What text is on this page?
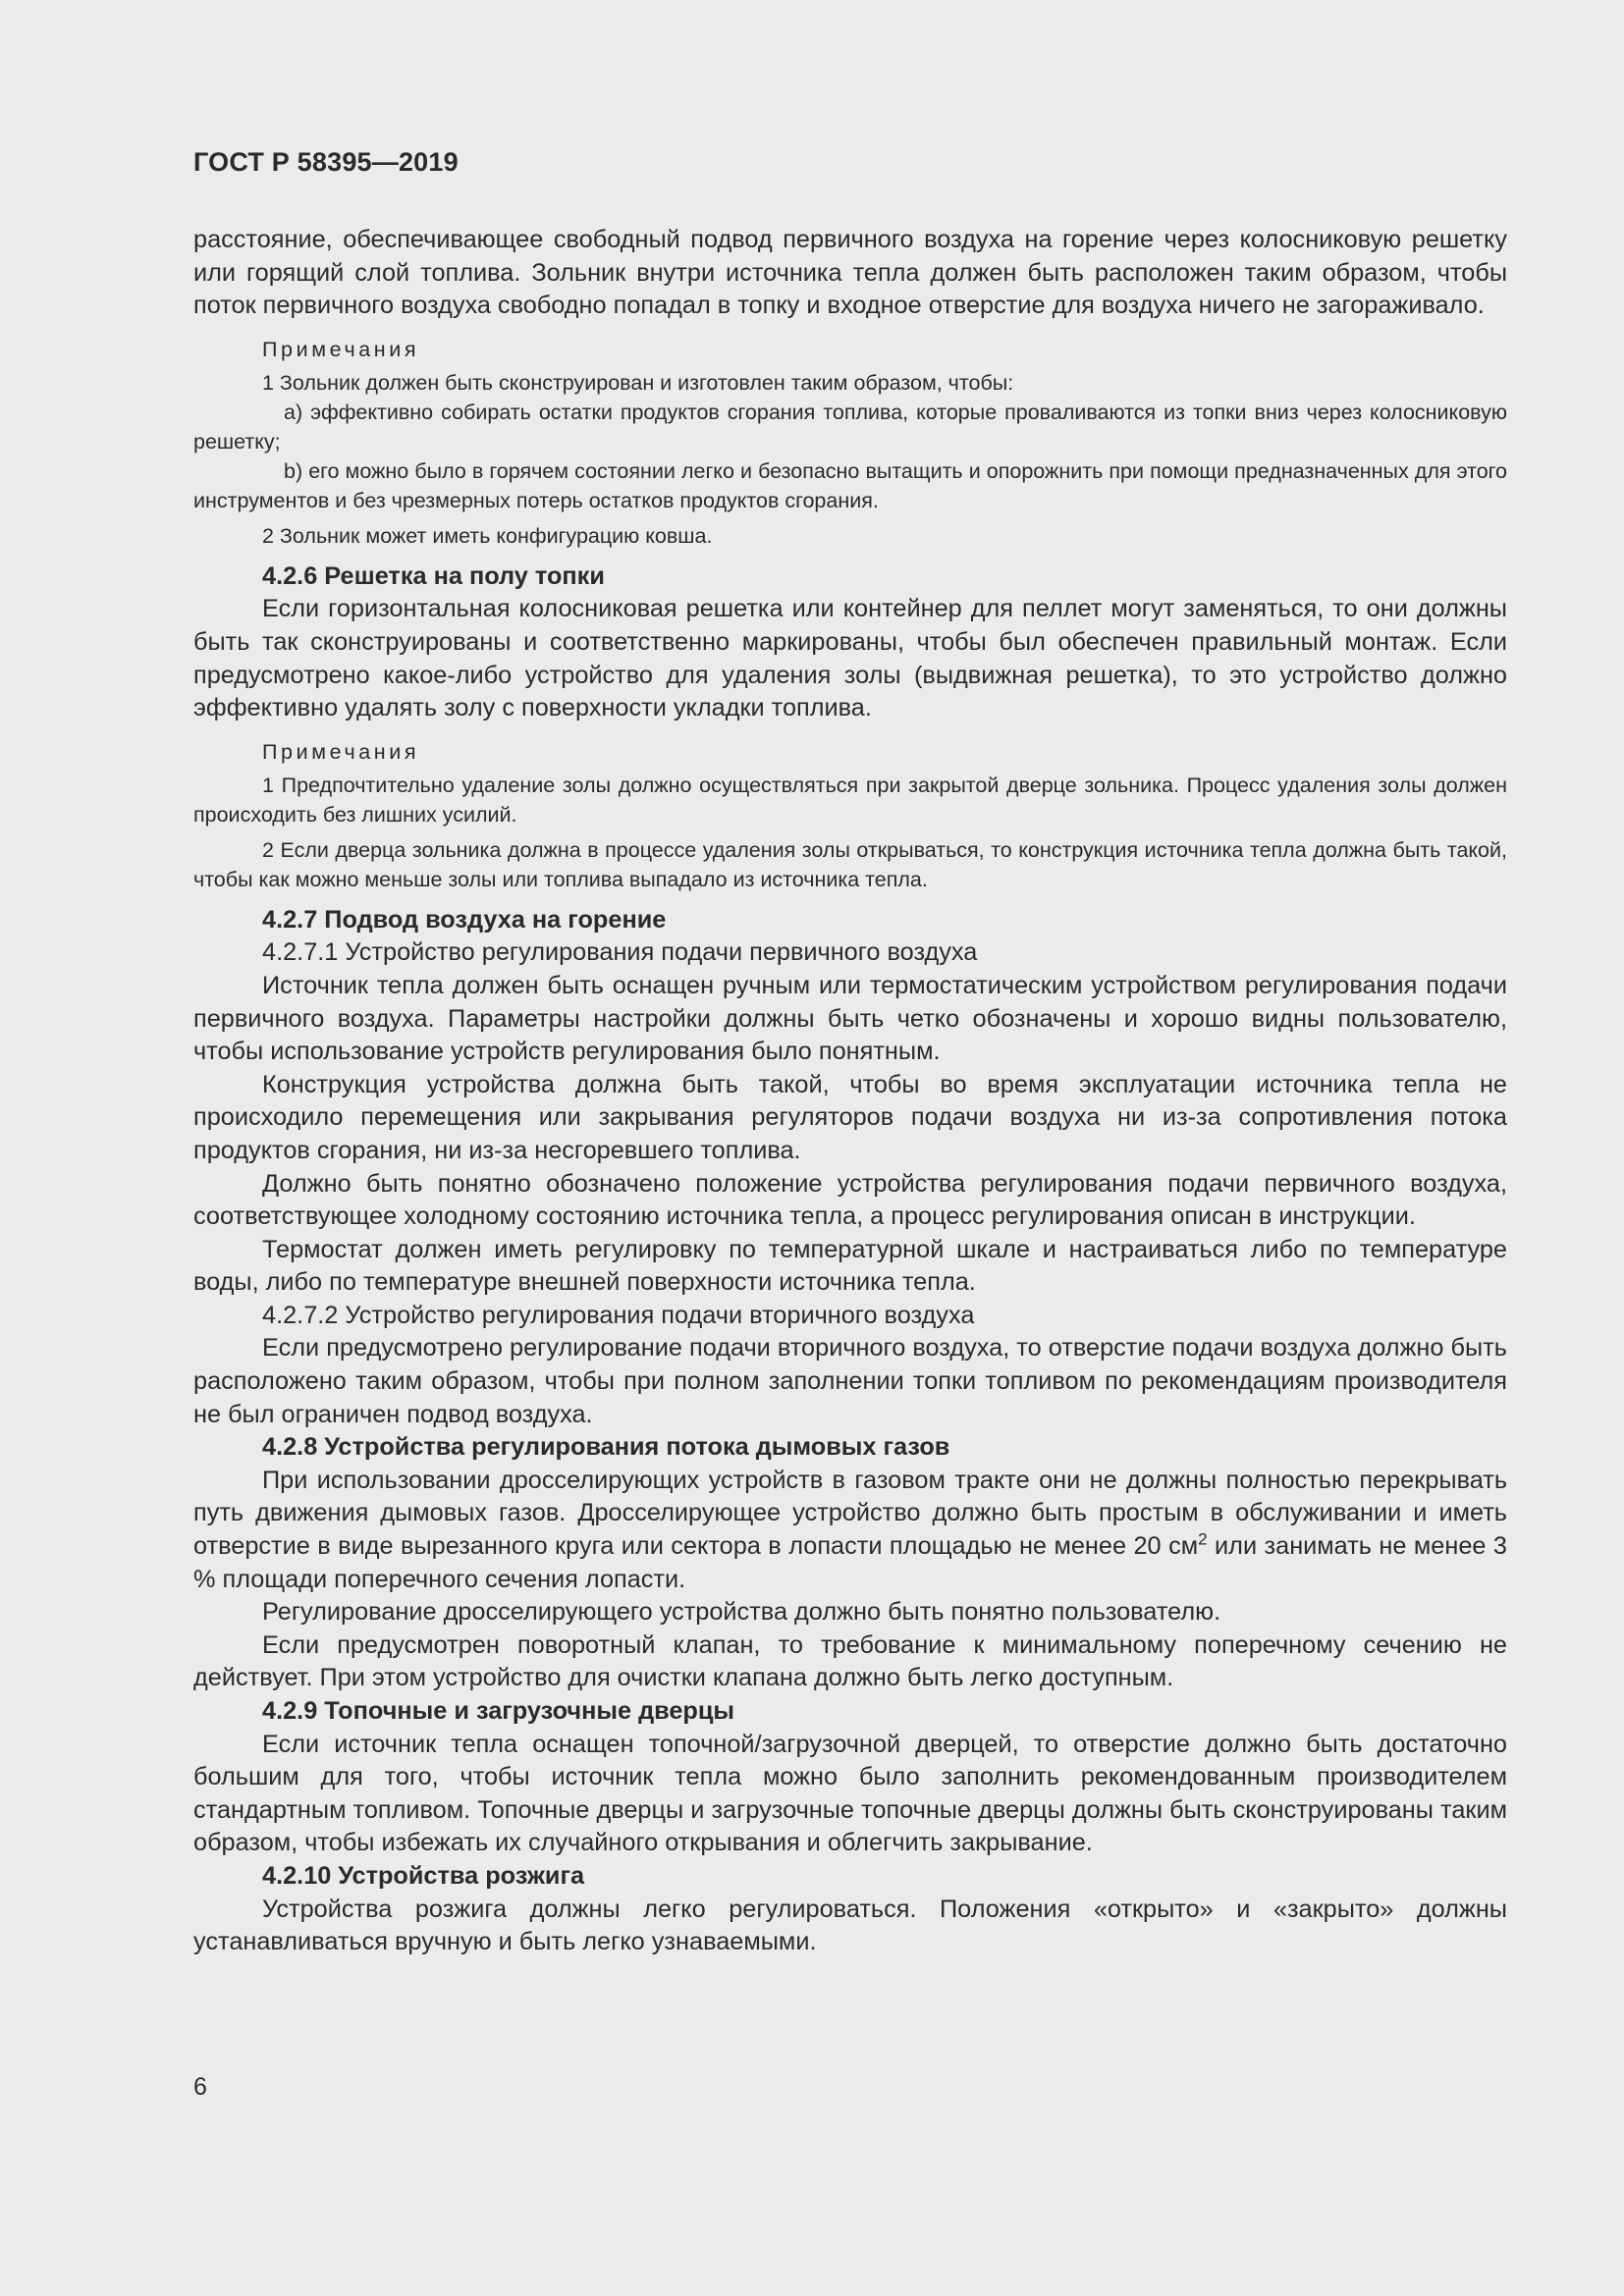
ГОСТ Р 58395—2019

расстояние, обеспечивающее свободный подвод первичного воздуха на горение через колосниковую решетку или горящий слой топлива. Зольник внутри источника тепла должен быть расположен таким образом, чтобы поток первичного воздуха свободно попадал в топку и входное отверстие для воздуха ничего не загораживало.

Примечания

1 Зольник должен быть сконструирован и изготовлен таким образом, чтобы:

a) эффективно собирать остатки продуктов сгорания топлива, которые проваливаются из топки вниз через колосниковую решетку;

b) его можно было в горячем состоянии легко и безопасно вытащить и опорожнить при помощи предназначенных для этого инструментов и без чрезмерных потерь остатков продуктов сгорания.

2 Зольник может иметь конфигурацию ковша.

4.2.6 Решетка на полу топки

Если горизонтальная колосниковая решетка или контейнер для пеллет могут заменяться, то они должны быть так сконструированы и соответственно маркированы, чтобы был обеспечен правильный монтаж. Если предусмотрено какое-либо устройство для удаления золы (выдвижная решетка), то это устройство должно эффективно удалять золу с поверхности укладки топлива.

Примечания

1 Предпочтительно удаление золы должно осуществляться при закрытой дверце зольника. Процесс удаления золы должен происходить без лишних усилий.

2 Если дверца зольника должна в процессе удаления золы открываться, то конструкция источника тепла должна быть такой, чтобы как можно меньше золы или топлива выпадало из источника тепла.

4.2.7 Подвод воздуха на горение

4.2.7.1 Устройство регулирования подачи первичного воздуха

Источник тепла должен быть оснащен ручным или термостатическим устройством регулирования подачи первичного воздуха. Параметры настройки должны быть четко обозначены и хорошо видны пользователю, чтобы использование устройств регулирования было понятным.

Конструкция устройства должна быть такой, чтобы во время эксплуатации источника тепла не происходило перемещения или закрывания регуляторов подачи воздуха ни из-за сопротивления потока продуктов сгорания, ни из-за несгоревшего топлива.

Должно быть понятно обозначено положение устройства регулирования подачи первичного воздуха, соответствующее холодному состоянию источника тепла, а процесс регулирования описан в инструкции.

Термостат должен иметь регулировку по температурной шкале и настраиваться либо по температуре воды, либо по температуре внешней поверхности источника тепла.

4.2.7.2 Устройство регулирования подачи вторичного воздуха

Если предусмотрено регулирование подачи вторичного воздуха, то отверстие подачи воздуха должно быть расположено таким образом, чтобы при полном заполнении топки топливом по рекомендациям производителя не был ограничен подвод воздуха.

4.2.8 Устройства регулирования потока дымовых газов

При использовании дросселирующих устройств в газовом тракте они не должны полностью перекрывать путь движения дымовых газов. Дросселирующее устройство должно быть простым в обслуживании и иметь отверстие в виде вырезанного круга или сектора в лопасти площадью не менее 20 $см^2$ или занимать не менее 3 % площади поперечного сечения лопасти.

Регулирование дросселирующего устройства должно быть понятно пользователю.

Если предусмотрен поворотный клапан, то требование к минимальному поперечному сечению не действует. При этом устройство для очистки клапана должно быть легко доступным.

4.2.9 Топочные и загрузочные дверцы

Если источник тепла оснащен топочной/загрузочной дверцей, то отверстие должно быть достаточно большим для того, чтобы источник тепла можно было заполнить рекомендованным производителем стандартным топливом. Топочные дверцы и загрузочные топочные дверцы должны быть сконструированы таким образом, чтобы избежать их случайного открывания и облегчить закрывание.

4.2.10 Устройства розжига

Устройства розжига должны легко регулироваться. Положения «открыто» и «закрыто» должны устанавливаться вручную и быть легко узнаваемыми.

6
